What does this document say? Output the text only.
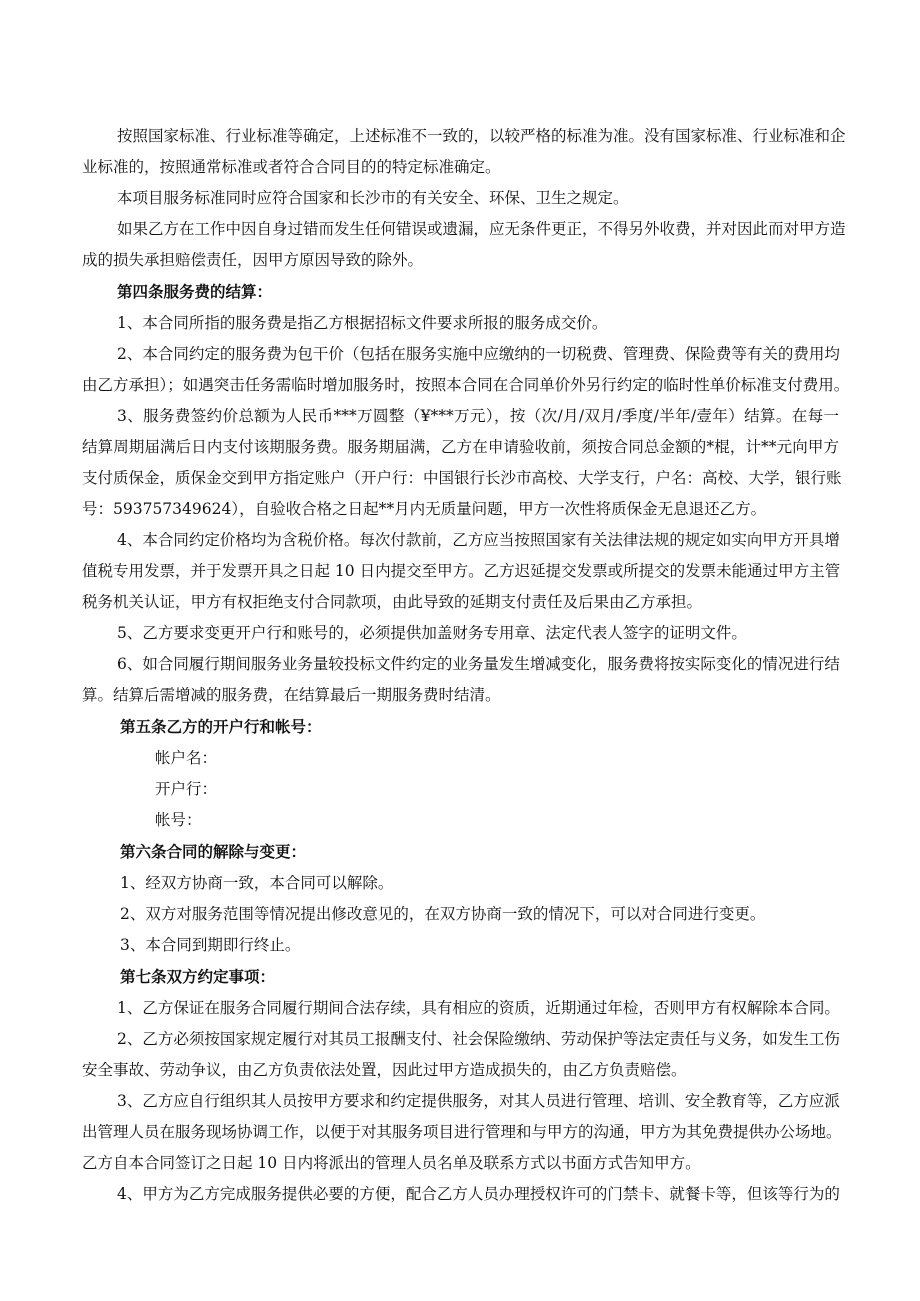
按照国家标准、行业标准等确定，上述标准不一致的，以较严格的标准为准。没有国家标准、行业标准和企

业标准的，按照通常标准或者符合合同目的的特定标准确定。

本项目服务标准同时应符合国家和长沙市的有关安全、环保、卫生之规定。

如果乙方在工作中因自身过错而发生任何错误或遗漏，应无条件更正，不得另外收费，并对因此而对甲方造

成的损失承担赔偿责任，因甲方原因导致的除外。

第四条服务费的结算：

1、本合同所指的服务费是指乙方根据招标文件要求所报的服务成交价。

2、本合同约定的服务费为包干价（包括在服务实施中应缴纳的一切税费、管理费、保险费等有关的费用均

由乙方承担）；如遇突击任务需临时增加服务时，按照本合同在合同单价外另行约定的临时性单价标准支付费用。

3、服务费签约价总额为人民币***万圆整（¥***万元），按（次/月/双月/季度/半年/壹年）结算。在每一

结算周期届满后日内支付该期服务费。服务期届满，乙方在申请验收前，须按合同总金额的*棍，计**元向甲方

支付质保金，质保金交到甲方指定账户（开户行：中国银行长沙市高校、大学支行，户名：高校、大学，银行账

号：593757349624），自验收合格之日起**月内无质量问题，甲方一次性将质保金无息退还乙方。

4、本合同约定价格均为含税价格。每次付款前，乙方应当按照国家有关法律法规的规定如实向甲方开具增

值税专用发票，并于发票开具之日起 10 日内提交至甲方。乙方迟延提交发票或所提交的发票未能通过甲方主管

税务机关认证，甲方有权拒绝支付合同款项，由此导致的延期支付责任及后果由乙方承担。

5、乙方要求变更开户行和账号的，必须提供加盖财务专用章、法定代表人签字的证明文件。

6、如合同履行期间服务业务量较投标文件约定的业务量发生增减变化，服务费将按实际变化的情况进行结

算。结算后需增减的服务费，在结算最后一期服务费时结清。

第五条乙方的开户行和帐号：

帐户名：

开户行：

帐号：

第六条合同的解除与变更：

1、经双方协商一致，本合同可以解除。

2、双方对服务范围等情况提出修改意见的，在双方协商一致的情况下，可以对合同进行变更。

3、本合同到期即行终止。

第七条双方约定事项：

1、乙方保证在服务合同履行期间合法存续，具有相应的资质，近期通过年检，否则甲方有权解除本合同。

2、乙方必须按国家规定履行对其员工报酬支付、社会保险缴纳、劳动保护等法定责任与义务，如发生工伤

安全事故、劳动争议，由乙方负责依法处置，因此过甲方造成损失的，由乙方负责赔偿。

3、乙方应自行组织其人员按甲方要求和约定提供服务，对其人员进行管理、培训、安全教育等，乙方应派

出管理人员在服务现场协调工作，以便于对其服务项目进行管理和与甲方的沟通，甲方为其免费提供办公场地。

乙方自本合同签订之日起 10 日内将派出的管理人员名单及联系方式以书面方式告知甲方。

4、甲方为乙方完成服务提供必要的方便，配合乙方人员办理授权许可的门禁卡、就餐卡等，但该等行为的
